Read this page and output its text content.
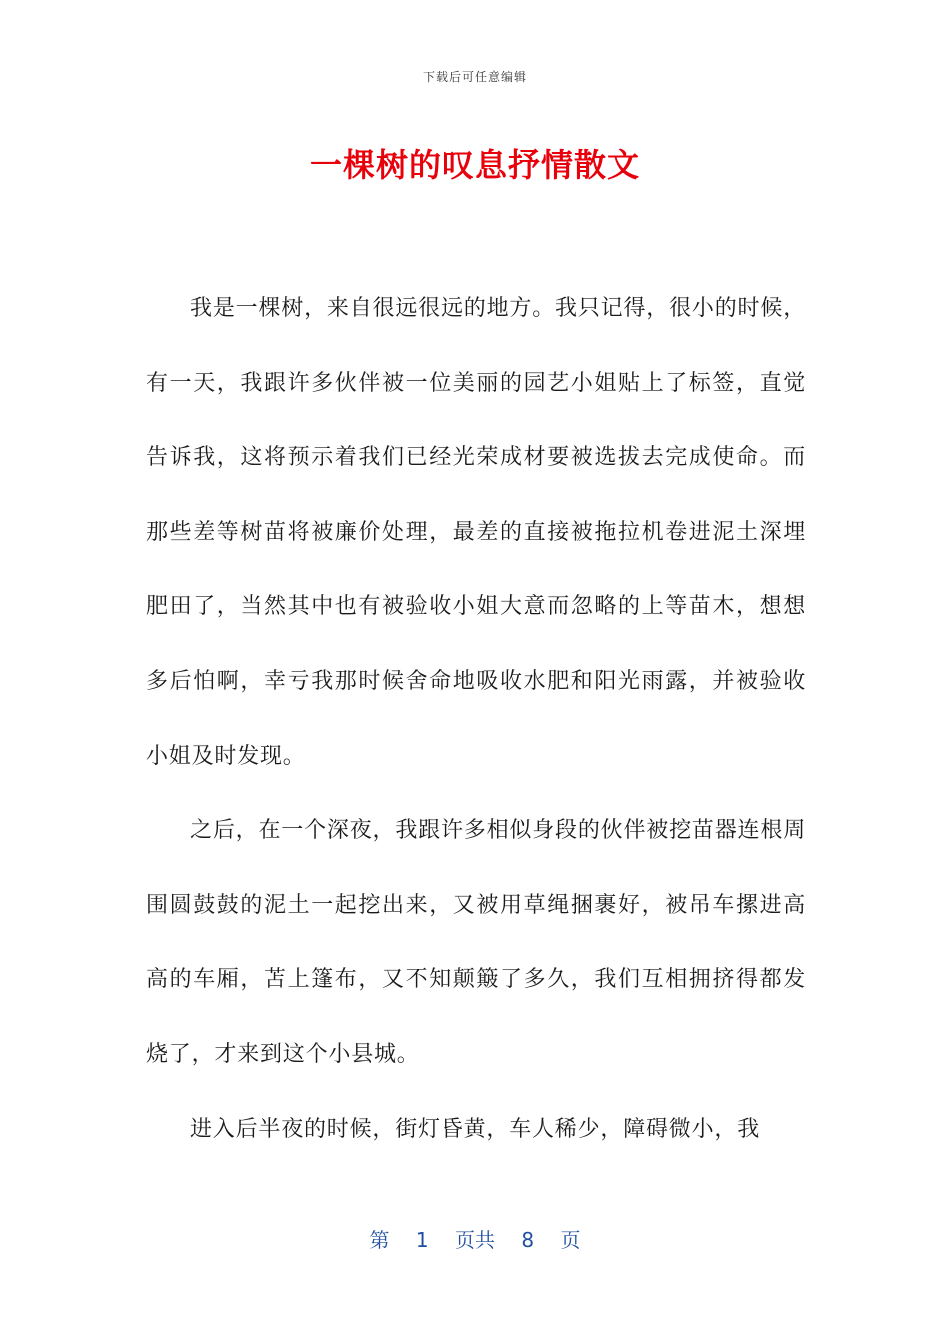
下载后可任意编辑
一棵树的叹息抒情散文

我是一棵树，来自很远很远的地方。我只记得，很小的时候，有一天，我跟许多伙伴被一位美丽的园艺小姐贴上了标签，直觉告诉我，这将预示着我们已经光荣成材要被选拔去完成使命。而那些差等树苗将被廉价处理，最差的直接被拖拉机卷进泥土深埋肥田了，当然其中也有被验收小姐大意而忽略的上等苗木，想想多后怕啊，幸亏我那时候舍命地吸收水肥和阳光雨露，并被验收小姐及时发现。

之后，在一个深夜，我跟许多相似身段的伙伴被挖苗器连根周围圆鼓鼓的泥土一起挖出来，又被用草绳捆裹好，被吊车摞进高高的车厢，苫上篷布，又不知颠簸了多久，我们互相拥挤得都发烧了，才来到这个小县城。

进入后半夜的时候，街灯昏黄，车人稀少，障碍微小，我

第 1 页共 8 页
